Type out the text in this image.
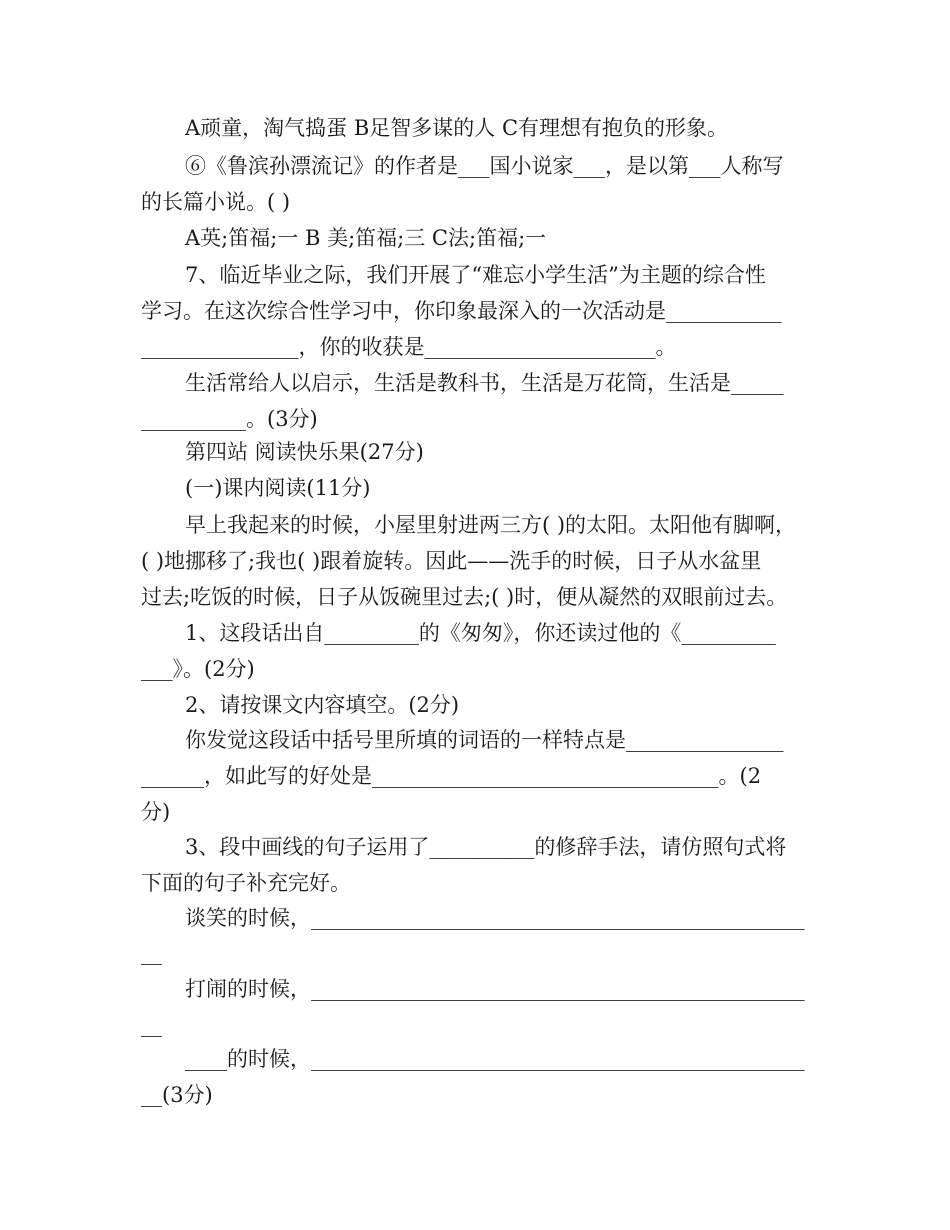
A顽童，淘气捣蛋 B足智多谋的人 C有理想有抱负的形象。
⑥《鲁滨孙漂流记》的作者是___国小说家___，是以第___人称写
的长篇小说。( )
A英;笛福;一 B 美;笛福;三 C法;笛福;一
7、临近毕业之际，我们开展了“难忘小学生活”为主题的综合性
学习。在这次综合性学习中，你印象最深入的一次活动是___________
_______________，你的收获是______________________。
生活常给人以启示，生活是教科书，生活是万花筒，生活是_____
__________。(3分)
第四站 阅读快乐果(27分)
(一)课内阅读(11分)
早上我起来的时候，小屋里射进两三方( )的太阳。太阳他有脚啊，
( )地挪移了;我也( )跟着旋转。因此——洗手的时候，日子从水盆里
过去;吃饭的时候，日子从饭碗里过去;( )时，便从凝然的双眼前过去。
1、这段话出自_________的《匆匆》，你还读过他的《_________
___》。(2分)
2、请按课文内容填空。(2分)
你发觉这段话中括号里所填的词语的一样特点是_______________
______，如此写的好处是_________________________________。(2
分)
3、段中画线的句子运用了__________的修辞手法，请仿照句式将
下面的句子补充完好。
谈笑的时候，_______________________________________________
__
打闹的时候，_______________________________________________
__
____的时候，_______________________________________________
__(3分)
